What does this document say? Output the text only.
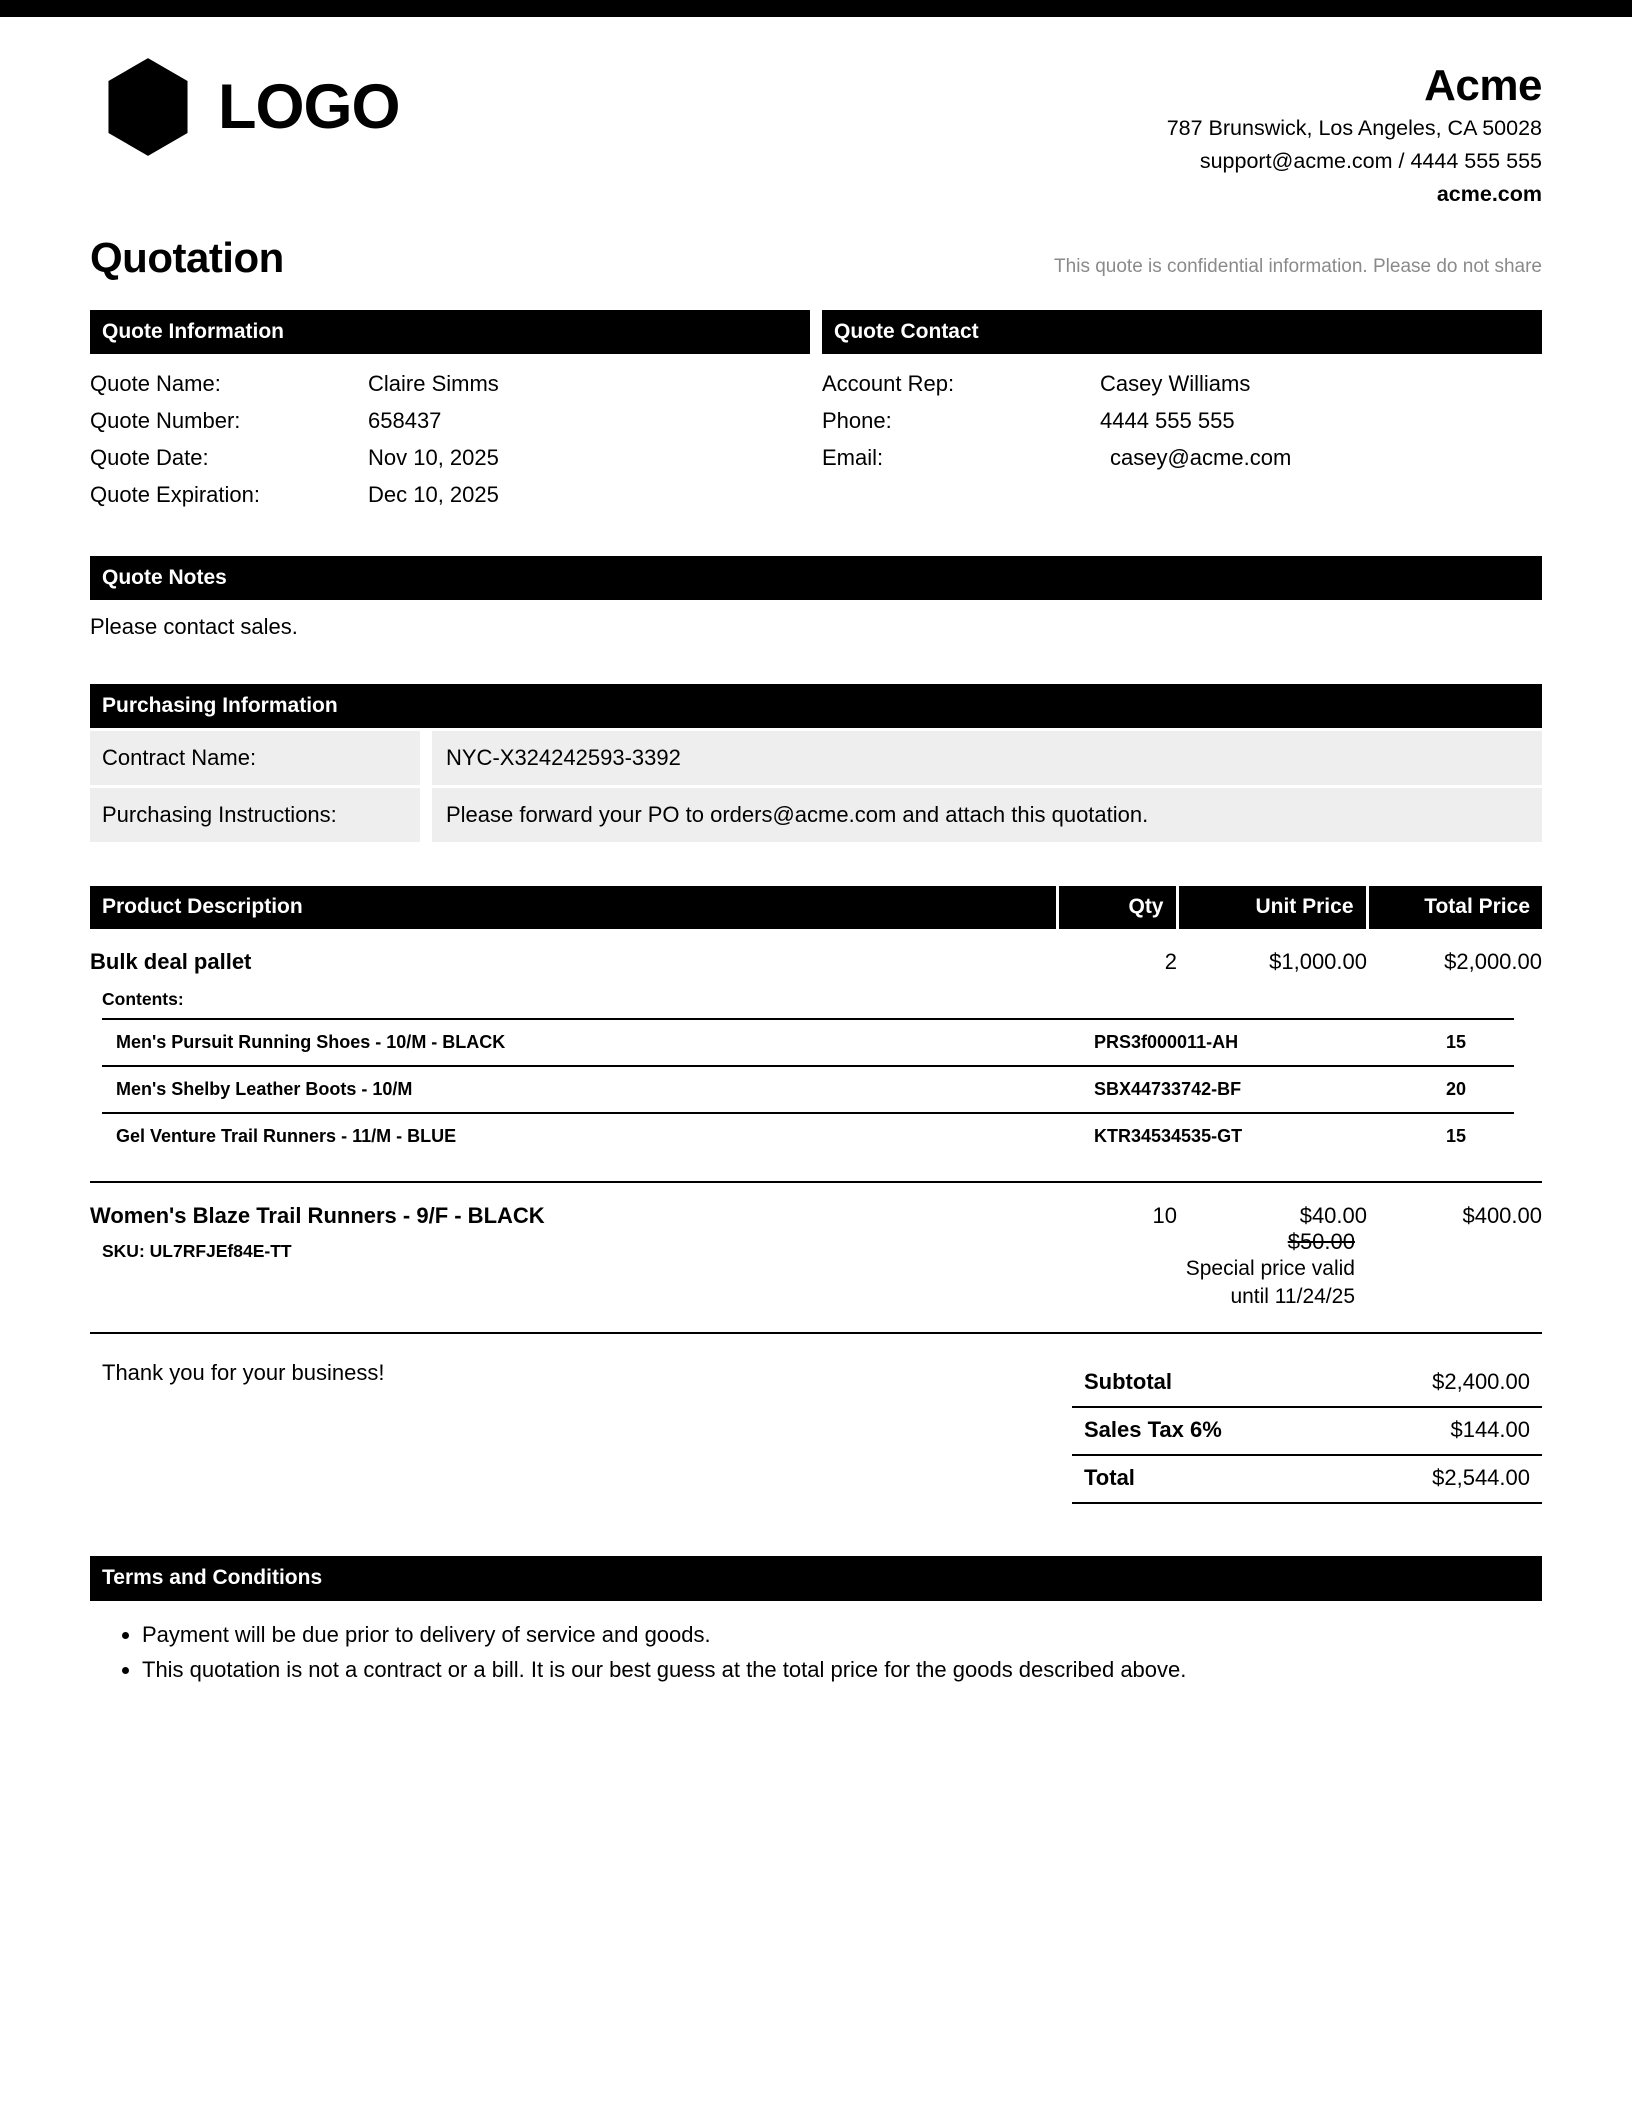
LOGO	Acme
787 Brunswick, Los Angeles, CA 50028
support@acme.com / 4444 555 555
acme.com
Quotation	This quote is confidential information. Please do not share
Quote Information
Quote Name:	Claire Simms
Quote Number:	658437
Quote Date:	Nov 10, 2025
Quote Expiration:	Dec 10, 2025
Quote Contact
Account Rep:	Casey Williams
Phone:	4444 555 555
Email:	casey@acme.com
Quote Notes
Please contact sales.
Purchasing Information
Contract Name:	NYC-X324242593-3392
Purchasing Instructions:	Please forward your PO to orders@acme.com and attach this quotation.
Product Description	Qty	Unit Price	Total Price
Bulk deal pallet	2	$1,000.00	$2,000.00

Contents:
Men's Pursuit Running Shoes - 10/M - BLACK	PRS3f000011-AH	15
Men's Shelby Leather Boots - 10/M	SBX44733742-BF	20
Gel Venture Trail Runners - 11/M - BLUE	KTR34534535-GT	15

Women's Blaze Trail Runners - 9/F - BLACK	10	$40.00	$400.00

SKU: UL7RFJEf84E-TT		$50.00
Special price valid until 11/24/25

Thank you for your business!	Subtotal	$2,400.00
Sales Tax 6%	$144.00
Total	$2,544.00
Terms and Conditions
• Payment will be due prior to delivery of service and goods.
• This quotation is not a contract or a bill. It is our best guess at the total price for the goods described above.
